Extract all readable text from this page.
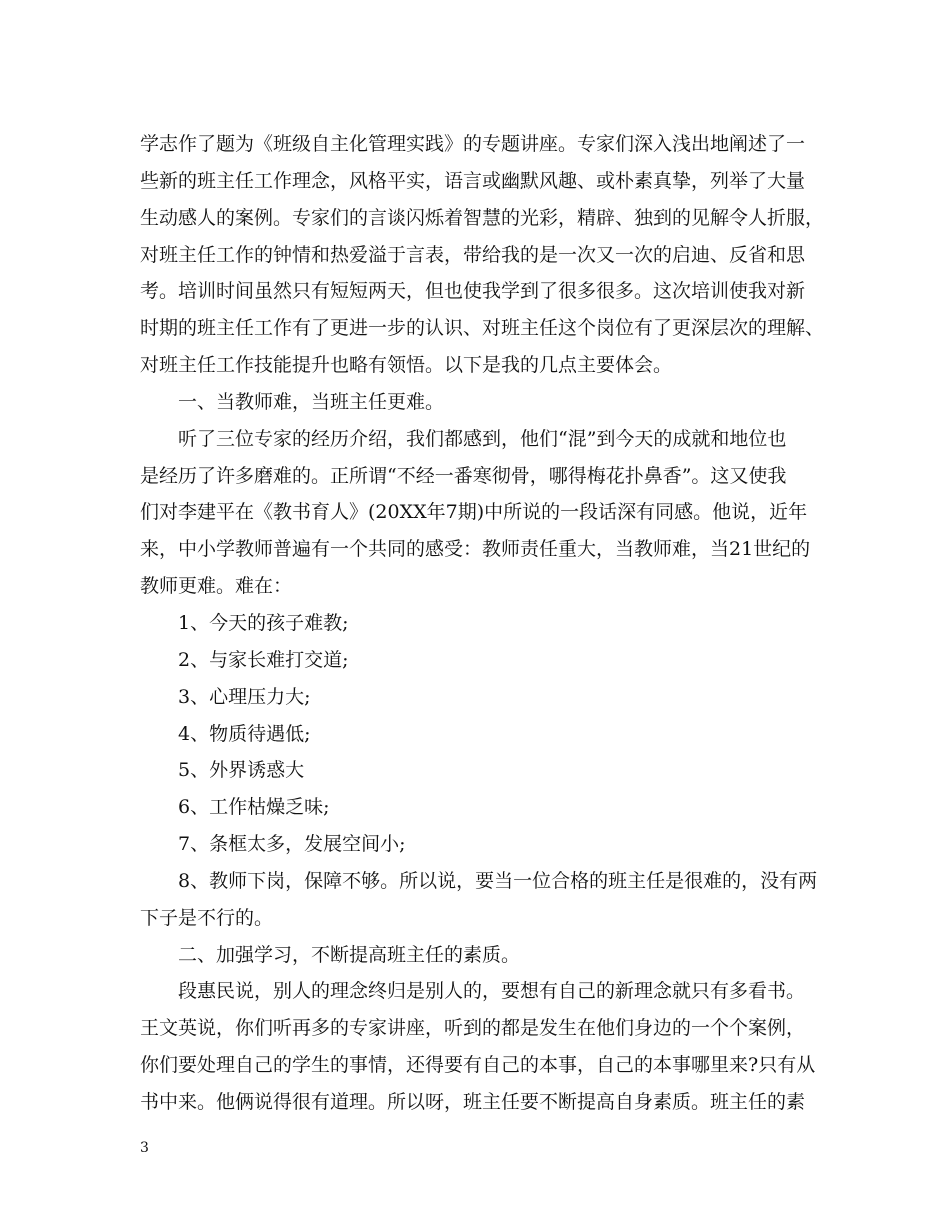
学志作了题为《班级自主化管理实践》的专题讲座。专家们深入浅出地阐述了一
些新的班主任工作理念，风格平实，语言或幽默风趣、或朴素真挚，列举了大量
生动感人的案例。专家们的言谈闪烁着智慧的光彩，精辟、独到的见解令人折服，
对班主任工作的钟情和热爱溢于言表，带给我的是一次又一次的启迪、反省和思
考。培训时间虽然只有短短两天，但也使我学到了很多很多。这次培训使我对新
时期的班主任工作有了更进一步的认识、对班主任这个岗位有了更深层次的理解、
对班主任工作技能提升也略有领悟。以下是我的几点主要体会。
一、当教师难，当班主任更难。
听了三位专家的经历介绍，我们都感到，他们“混”到今天的成就和地位也
是经历了许多磨难的。正所谓“不经一番寒彻骨，哪得梅花扑鼻香”。这又使我
们对李建平在《教书育人》(20XX年7期)中所说的一段话深有同感。他说，近年
来，中小学教师普遍有一个共同的感受：教师责任重大，当教师难，当21世纪的
教师更难。难在：
1、今天的孩子难教;
2、与家长难打交道;
3、心理压力大;
4、物质待遇低;
5、外界诱惑大
6、工作枯燥乏味;
7、条框太多，发展空间小;
8、教师下岗，保障不够。所以说，要当一位合格的班主任是很难的，没有两
下子是不行的。
二、加强学习，不断提高班主任的素质。
段惠民说，别人的理念终归是别人的，要想有自己的新理念就只有多看书。
王文英说，你们听再多的专家讲座，听到的都是发生在他们身边的一个个案例，
你们要处理自己的学生的事情，还得要有自己的本事，自己的本事哪里来?只有从
书中来。他俩说得很有道理。所以呀，班主任要不断提高自身素质。班主任的素
3
